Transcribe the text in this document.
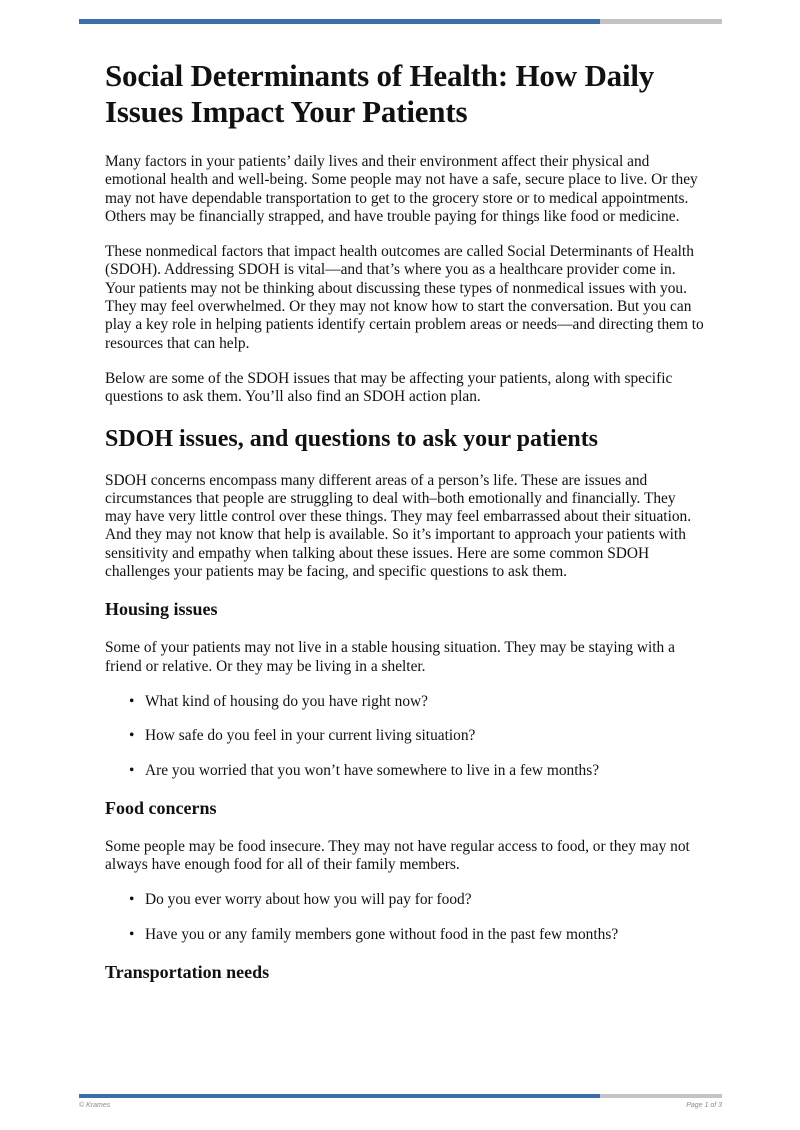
Social Determinants of Health: How Daily Issues Impact Your Patients

Many factors in your patients’ daily lives and their environment affect their physical and emotional health and well-being. Some people may not have a safe, secure place to live. Or they may not have dependable transportation to get to the grocery store or to medical appointments. Others may be financially strapped, and have trouble paying for things like food or medicine.

These nonmedical factors that impact health outcomes are called Social Determinants of Health (SDOH). Addressing SDOH is vital—and that’s where you as a healthcare provider come in. Your patients may not be thinking about discussing these types of nonmedical issues with you. They may feel overwhelmed. Or they may not know how to start the conversation. But you can play a key role in helping patients identify certain problem areas or needs—and directing them to resources that can help.

Below are some of the SDOH issues that may be affecting your patients, along with specific questions to ask them. You’ll also find an SDOH action plan.

SDOH issues, and questions to ask your patients

SDOH concerns encompass many different areas of a person’s life. These are issues and circumstances that people are struggling to deal with–both emotionally and financially. They may have very little control over these things. They may feel embarrassed about their situation. And they may not know that help is available. So it’s important to approach your patients with sensitivity and empathy when talking about these issues. Here are some common SDOH challenges your patients may be facing, and specific questions to ask them.

Housing issues

Some of your patients may not live in a stable housing situation. They may be staying with a friend or relative. Or they may be living in a shelter.

• What kind of housing do you have right now?
• How safe do you feel in your current living situation?
• Are you worried that you won’t have somewhere to live in a few months?
Food concerns

Some people may be food insecure. They may not have regular access to food, or they may not always have enough food for all of their family members.

• Do you ever worry about how you will pay for food?
• Have you or any family members gone without food in the past few months?
Transportation needs
© Krames	Page 1 of 3
